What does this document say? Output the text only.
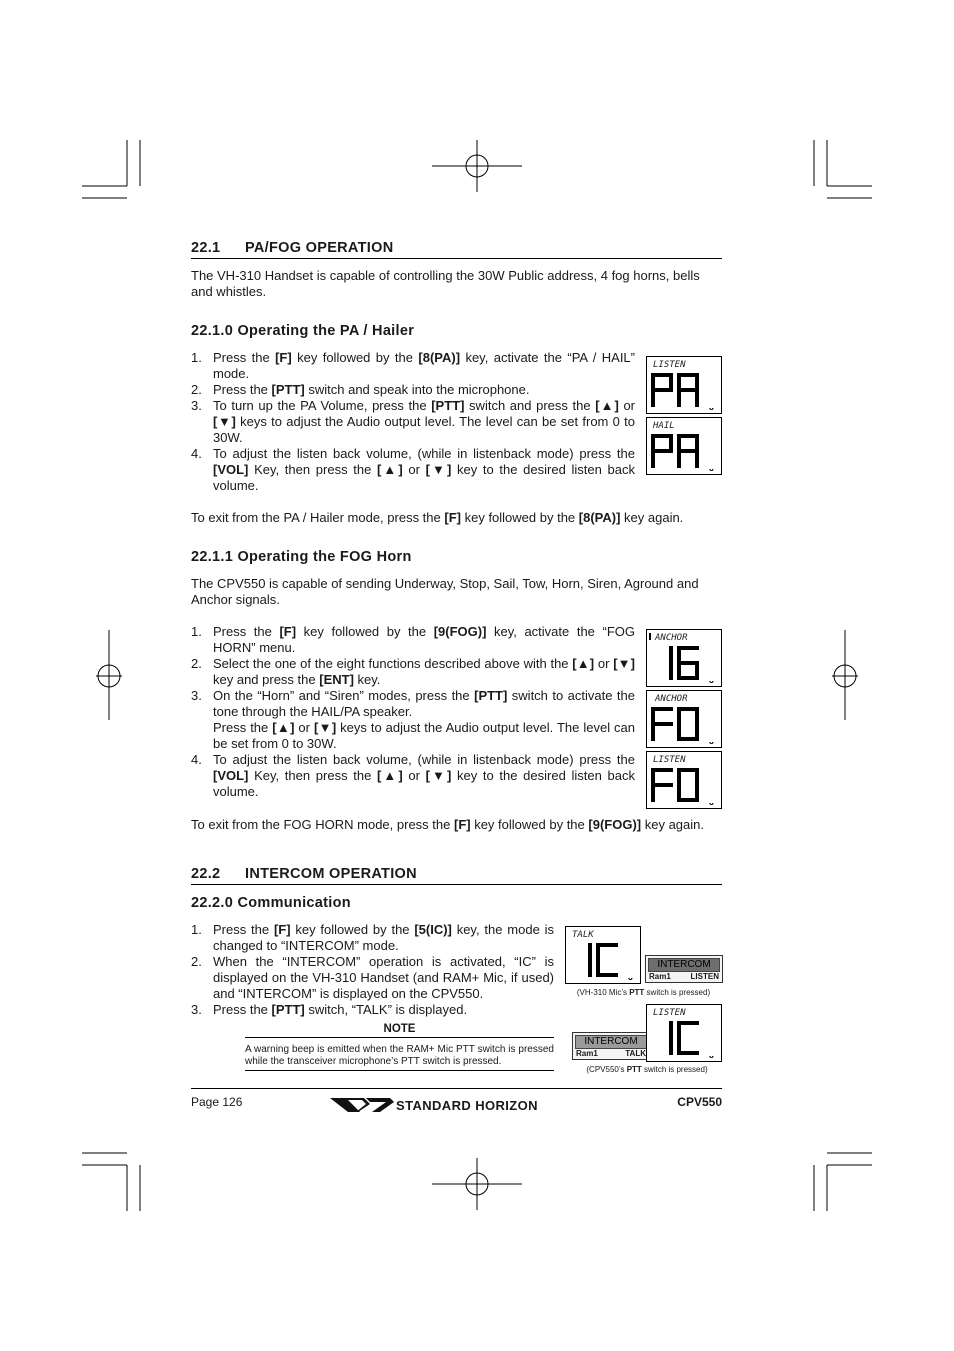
22.1 PA/FOG OPERATION
The VH-310 Handset is capable of controlling the 30W Public address, 4 fog horns, bells and whistles.
22.1.0 Operating the PA / Hailer
1. Press the [F] key followed by the [8(PA)] key, activate the “PA / HAIL” mode.
2. Press the [PTT] switch and speak into the microphone.
3. To turn up the PA Volume, press the [PTT] switch and press the [▲] or [▼] keys to adjust the Audio output level. The level can be set from 0 to 30W.
4. To adjust the listen back volume, (while in listenback mode) press the [VOL] Key, then press the [▲] or [▼] key to the desired listen back volume.
To exit from the PA / Hailer mode, press the [F] key followed by the [8(PA)] key again.
LISTEN
ᴗ
HAIL
ᴗ
22.1.1 Operating the FOG Horn
The CPV550 is capable of sending Underway, Stop, Sail, Tow, Horn, Siren, Aground and Anchor signals.
1. Press the [F] key followed by the [9(FOG)] key, activate the “FOG HORN” menu.
2. Select the one of the eight functions described above with the [▲] or [▼] key and press the [ENT] key.
3. On the “Horn” and “Siren” modes, press the [PTT] switch to activate the tone through the HAIL/PA speaker.
Press the [▲] or [▼] keys to adjust the Audio output level. The level can be set from 0 to 30W.
4. To adjust the listen back volume, (while in listenback mode) press the [VOL] Key, then press the [▲] or [▼] key to the desired listen back volume.
To exit from the FOG HORN mode, press the [F] key followed by the [9(FOG)] key again.
ANCHOR
ᴗ
ANCHOR
ᴗ
LISTEN
ᴗ
22.2 INTERCOM OPERATION
22.2.0 Communication
1. Press the [F] key followed by the [5(IC)] key, the mode is changed to “INTERCOM” mode.
2. When the “INTERCOM” operation is activated, “IC” is displayed on the VH-310 Handset (and RAM+ Mic, if used) and “INTERCOM” is displayed on the CPV550.
3. Press the [PTT] switch, “TALK” is displayed.
TALK
ᴗ
INTERCOM
Ram1 LISTEN
(VH-310 Mic’s PTT switch is pressed)
INTERCOM
Ram1	TALK
LISTEN
ᴗ
(CPV550’s PTT switch is pressed)
NOTE
A warning beep is emitted when the RAM+ Mic PTT switch is pressed while the transceiver microphone’s PTT switch is pressed.
Page 126	STANDARD HORIZON	CPV550
